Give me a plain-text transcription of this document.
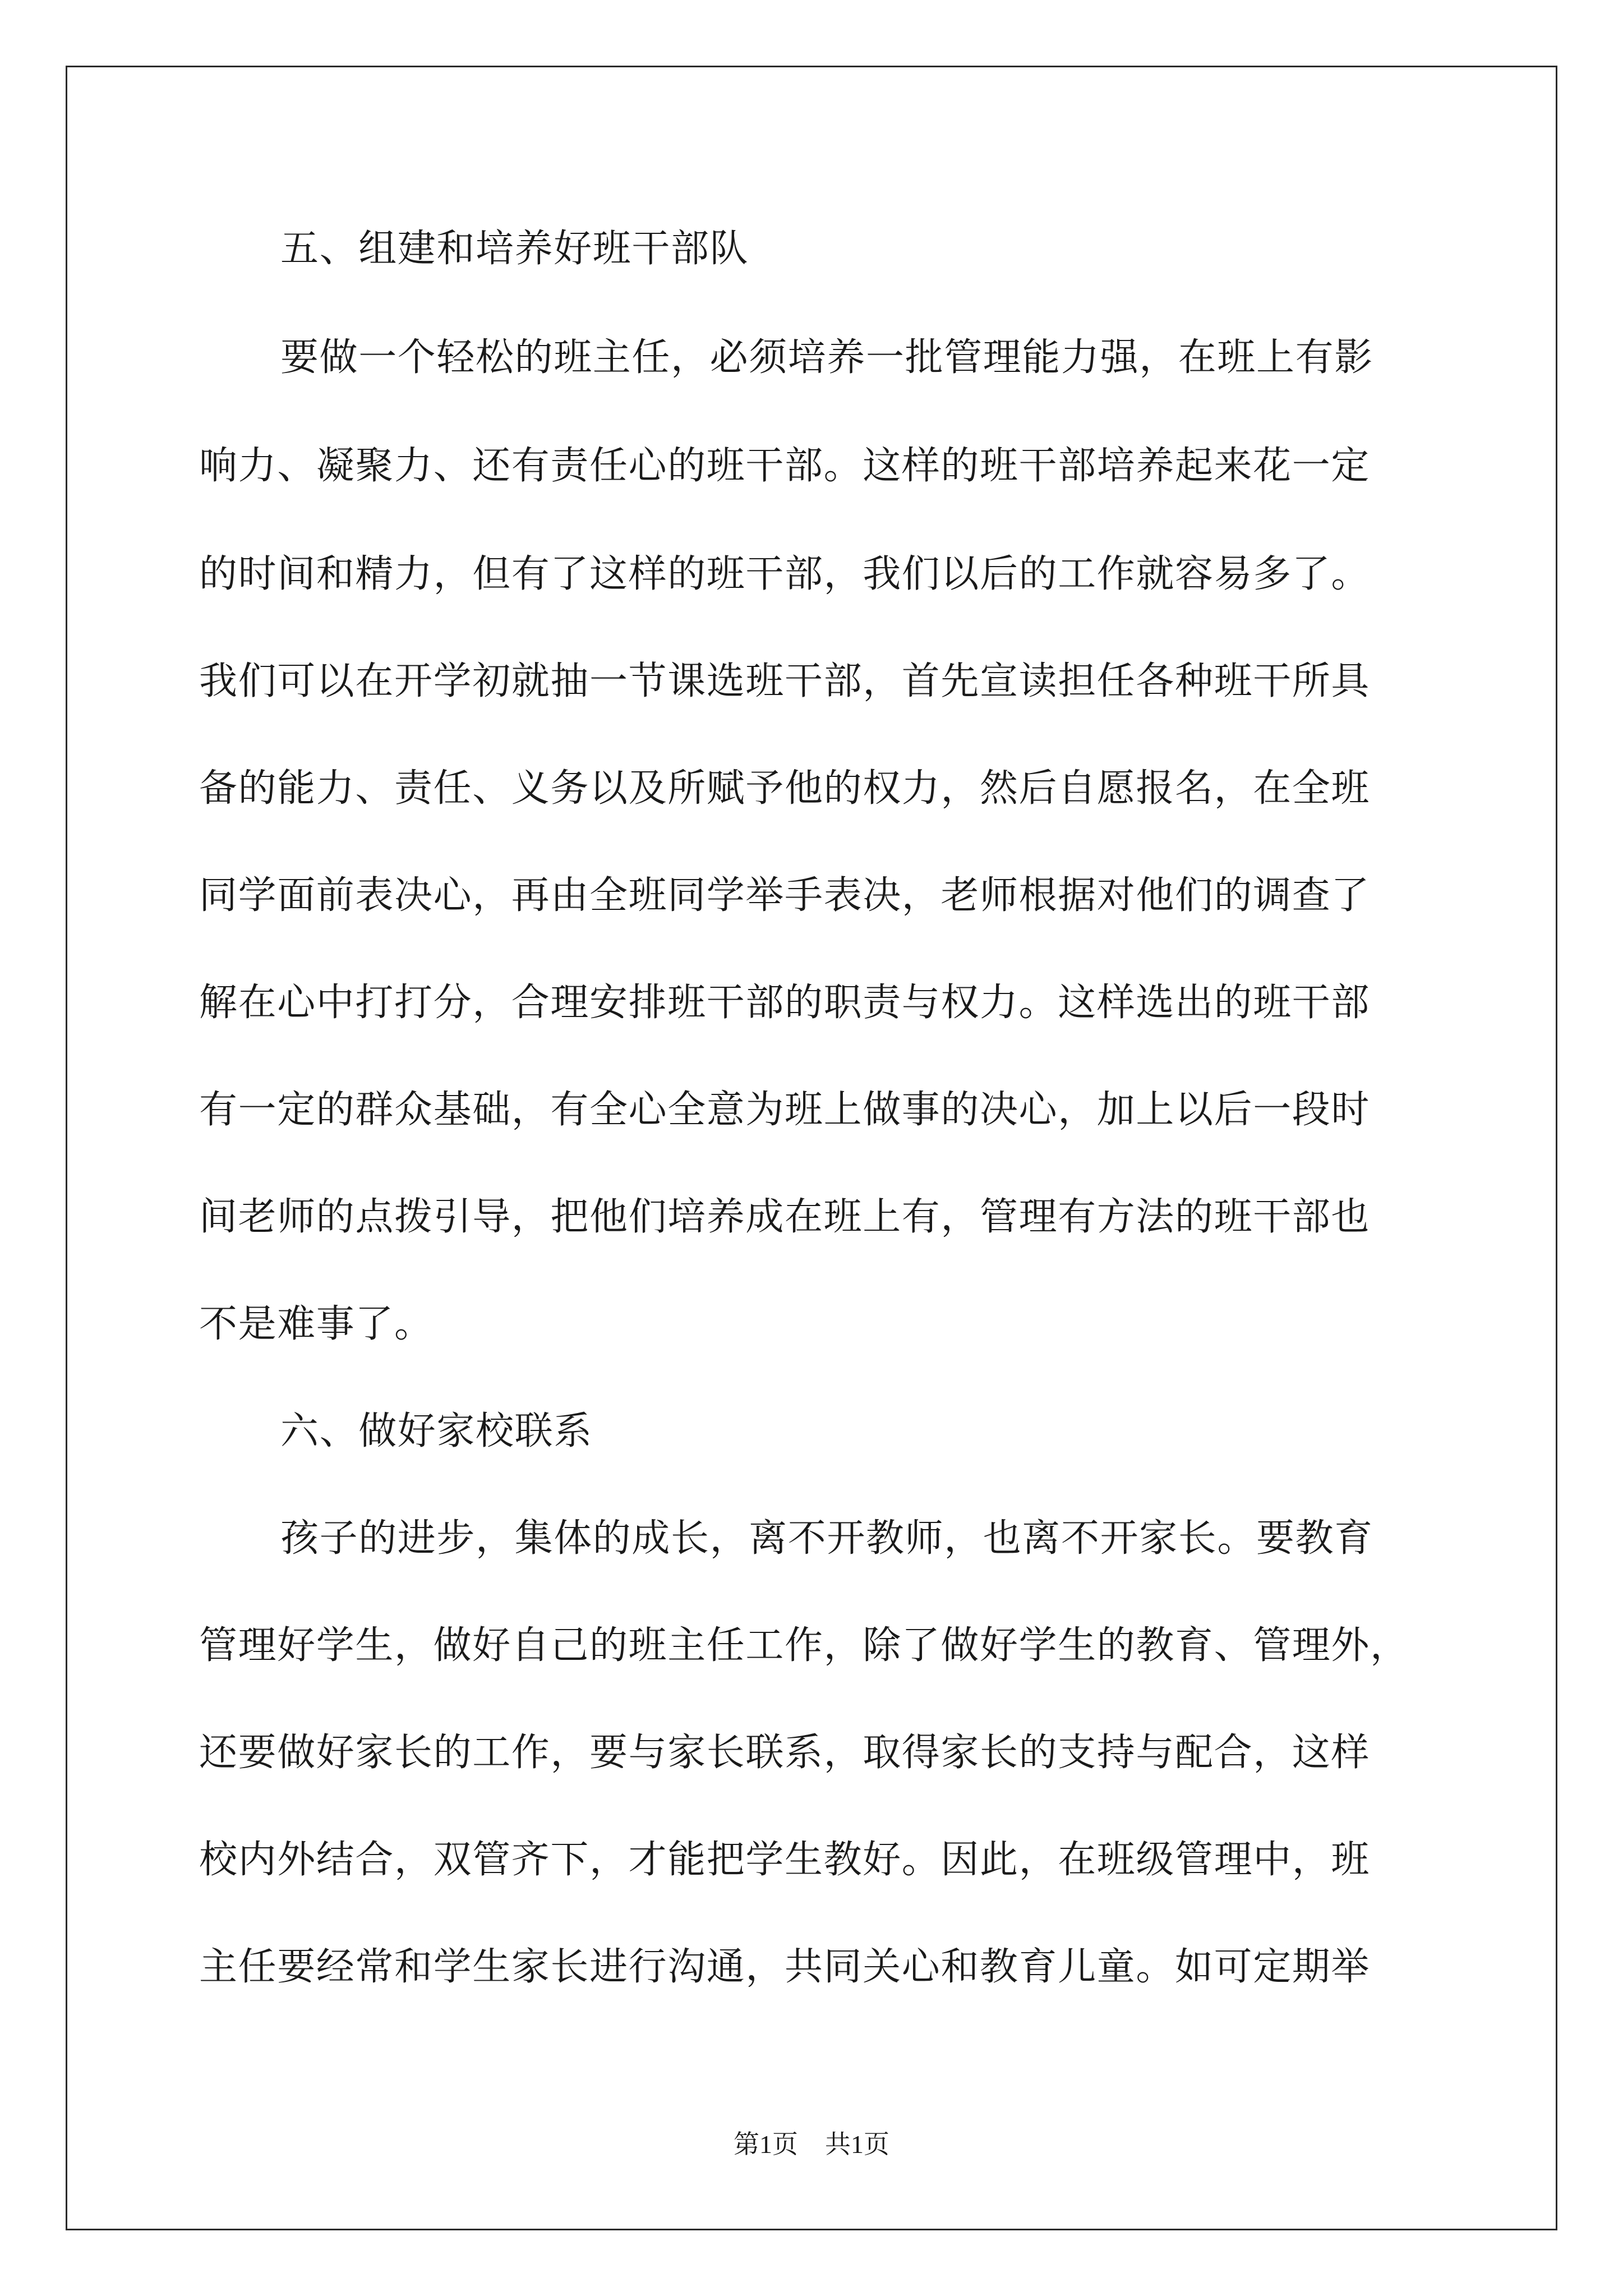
五、组建和培养好班干部队
要做一个轻松的班主任，必须培养一批管理能力强，在班上有影
响力、凝聚力、还有责任心的班干部。这样的班干部培养起来花一定
的时间和精力，但有了这样的班干部，我们以后的工作就容易多了。
我们可以在开学初就抽一节课选班干部，首先宣读担任各种班干所具
备的能力、责任、义务以及所赋予他的权力，然后自愿报名，在全班
同学面前表决心，再由全班同学举手表决，老师根据对他们的调查了
解在心中打打分，合理安排班干部的职责与权力。这样选出的班干部
有一定的群众基础，有全心全意为班上做事的决心，加上以后一段时
间老师的点拨引导，把他们培养成在班上有，管理有方法的班干部也
不是难事了。
六、做好家校联系
孩子的进步，集体的成长，离不开教师，也离不开家长。要教育
管理好学生，做好自己的班主任工作，除了做好学生的教育、管理外，
还要做好家长的工作，要与家长联系，取得家长的支持与配合，这样
校内外结合，双管齐下，才能把学生教好。因此，在班级管理中，班
主任要经常和学生家长进行沟通，共同关心和教育儿童。如可定期举
第1页 共1页
